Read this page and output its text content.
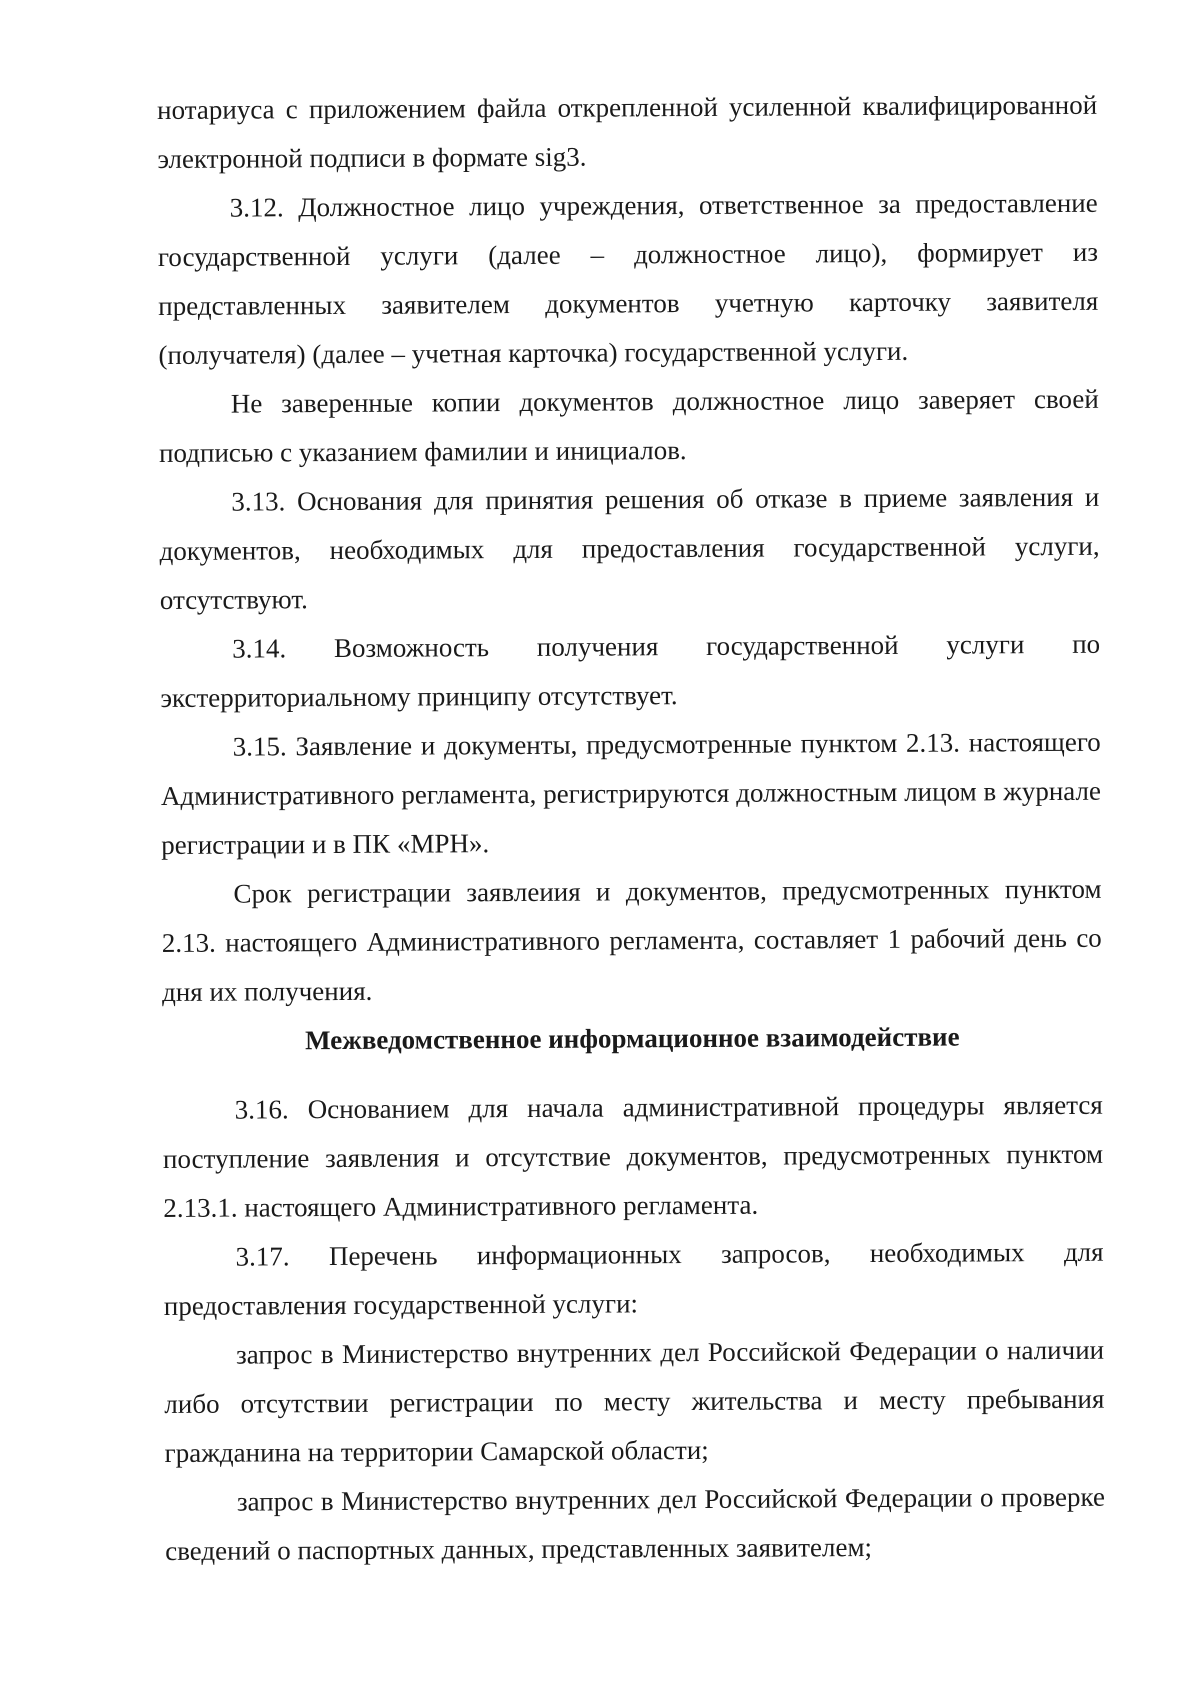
нотариуса с приложением файла открепленной усиленной квалифицированной электронной подписи в формате sig3.

3.12. Должностное лицо учреждения, ответственное за предоставление государственной услуги (далее – должностное лицо), формирует из представленных заявителем документов учетную карточку заявителя (получателя) (далее – учетная карточка) государственной услуги.

Не заверенные копии документов должностное лицо заверяет своей подписью с указанием фамилии и инициалов.

3.13. Основания для принятия решения об отказе в приеме заявления и документов, необходимых для предоставления государственной услуги, отсутствуют.

3.14. Возможность получения государственной услуги по экстерриториальному принципу отсутствует.

3.15. Заявление и документы, предусмотренные пунктом 2.13. настоящего Административного регламента, регистрируются должностным лицом в журнале регистрации и в ПК «МРН».

Срок регистрации заявлеиия и документов, предусмотренных пунктом 2.13. настоящего Административного регламента, составляет 1 рабочий день со дня их получения.

Межведомственное информационное взаимодействие

3.16. Основанием для начала административной процедуры является поступление заявления и отсутствие документов, предусмотренных пунктом 2.13.1. настоящего Административного регламента.

3.17. Перечень информационных запросов, необходимых для предоставления государственной услуги:

запрос в Министерство внутренних дел Российской Федерации о наличии либо отсутствии регистрации по месту жительства и месту пребывания гражданина на территории Самарской области;

запрос в Министерство внутренних дел Российской Федерации о проверке сведений о паспортных данных, представленных заявителем;
